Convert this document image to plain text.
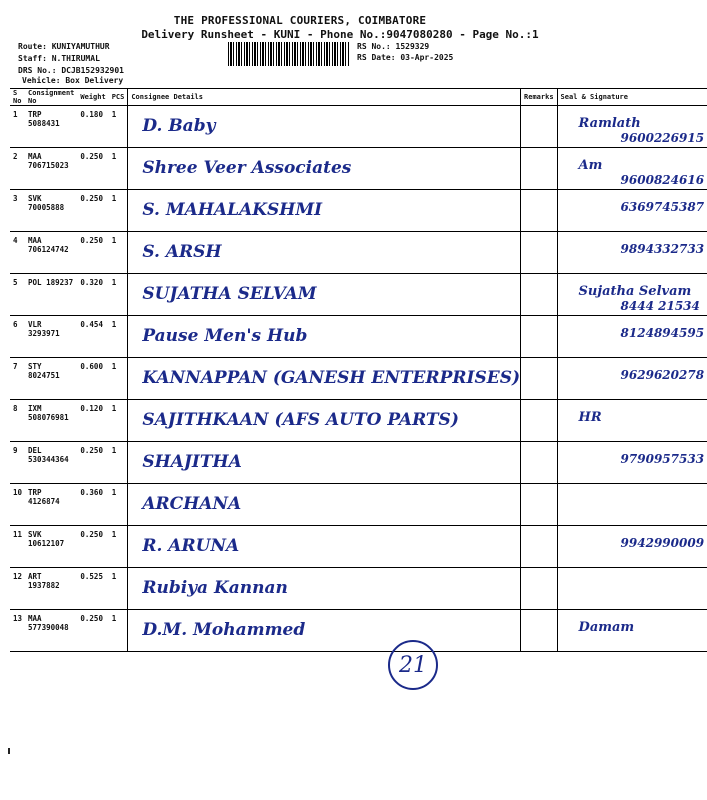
THE PROFESSIONAL COURIERS, COIMBATORE
Delivery Runsheet - KUNI - Phone No.:9047080280 - Page No.:1
Route: KUNIYAMUTHUR
Staff: N.THIRUMAL
DRS No.: DCJB152932901
Vehicle: Box Delivery
RS No.: 1529329
RS Date: 03-Apr-2025
S No	Consignment No	Weight	PCS	Consignee Details	Remarks	Seal & Signature
1	TRP 5088431	0.180	1	D. Baby		Ramlath
9600226915

2	MAA 706715023	0.250	1	Shree Veer Associates		Am
9600824616

3	SVK 70005888	0.250	1	S. MAHALAKSHMI		6369745387

4	MAA 706124742	0.250	1	S. ARSH		9894332733

5	POL 189237	0.320	1	SUJATHA SELVAM		Sujatha Selvam
8444 21534

6	VLR 3293971	0.454	1	Pause Men's Hub		8124894595

7	STY 8024751	0.600	1	KANNAPPAN (GANESH ENTERPRISES)		9629620278

8	IXM 508076981	0.120	1	SAJITHKAAN (AFS AUTO PARTS)		HR

9	DEL 530344364	0.250	1	SHAJITHA		9790957533

10	TRP 4126874	0.360	1	ARCHANA		

11	SVK 10612107	0.250	1	R. ARUNA		9942990009

12	ART 1937882	0.525	1	Rubiya Kannan		

13	MAA 577390048	0.250	1	D.M. Mohammed		Damam
21
